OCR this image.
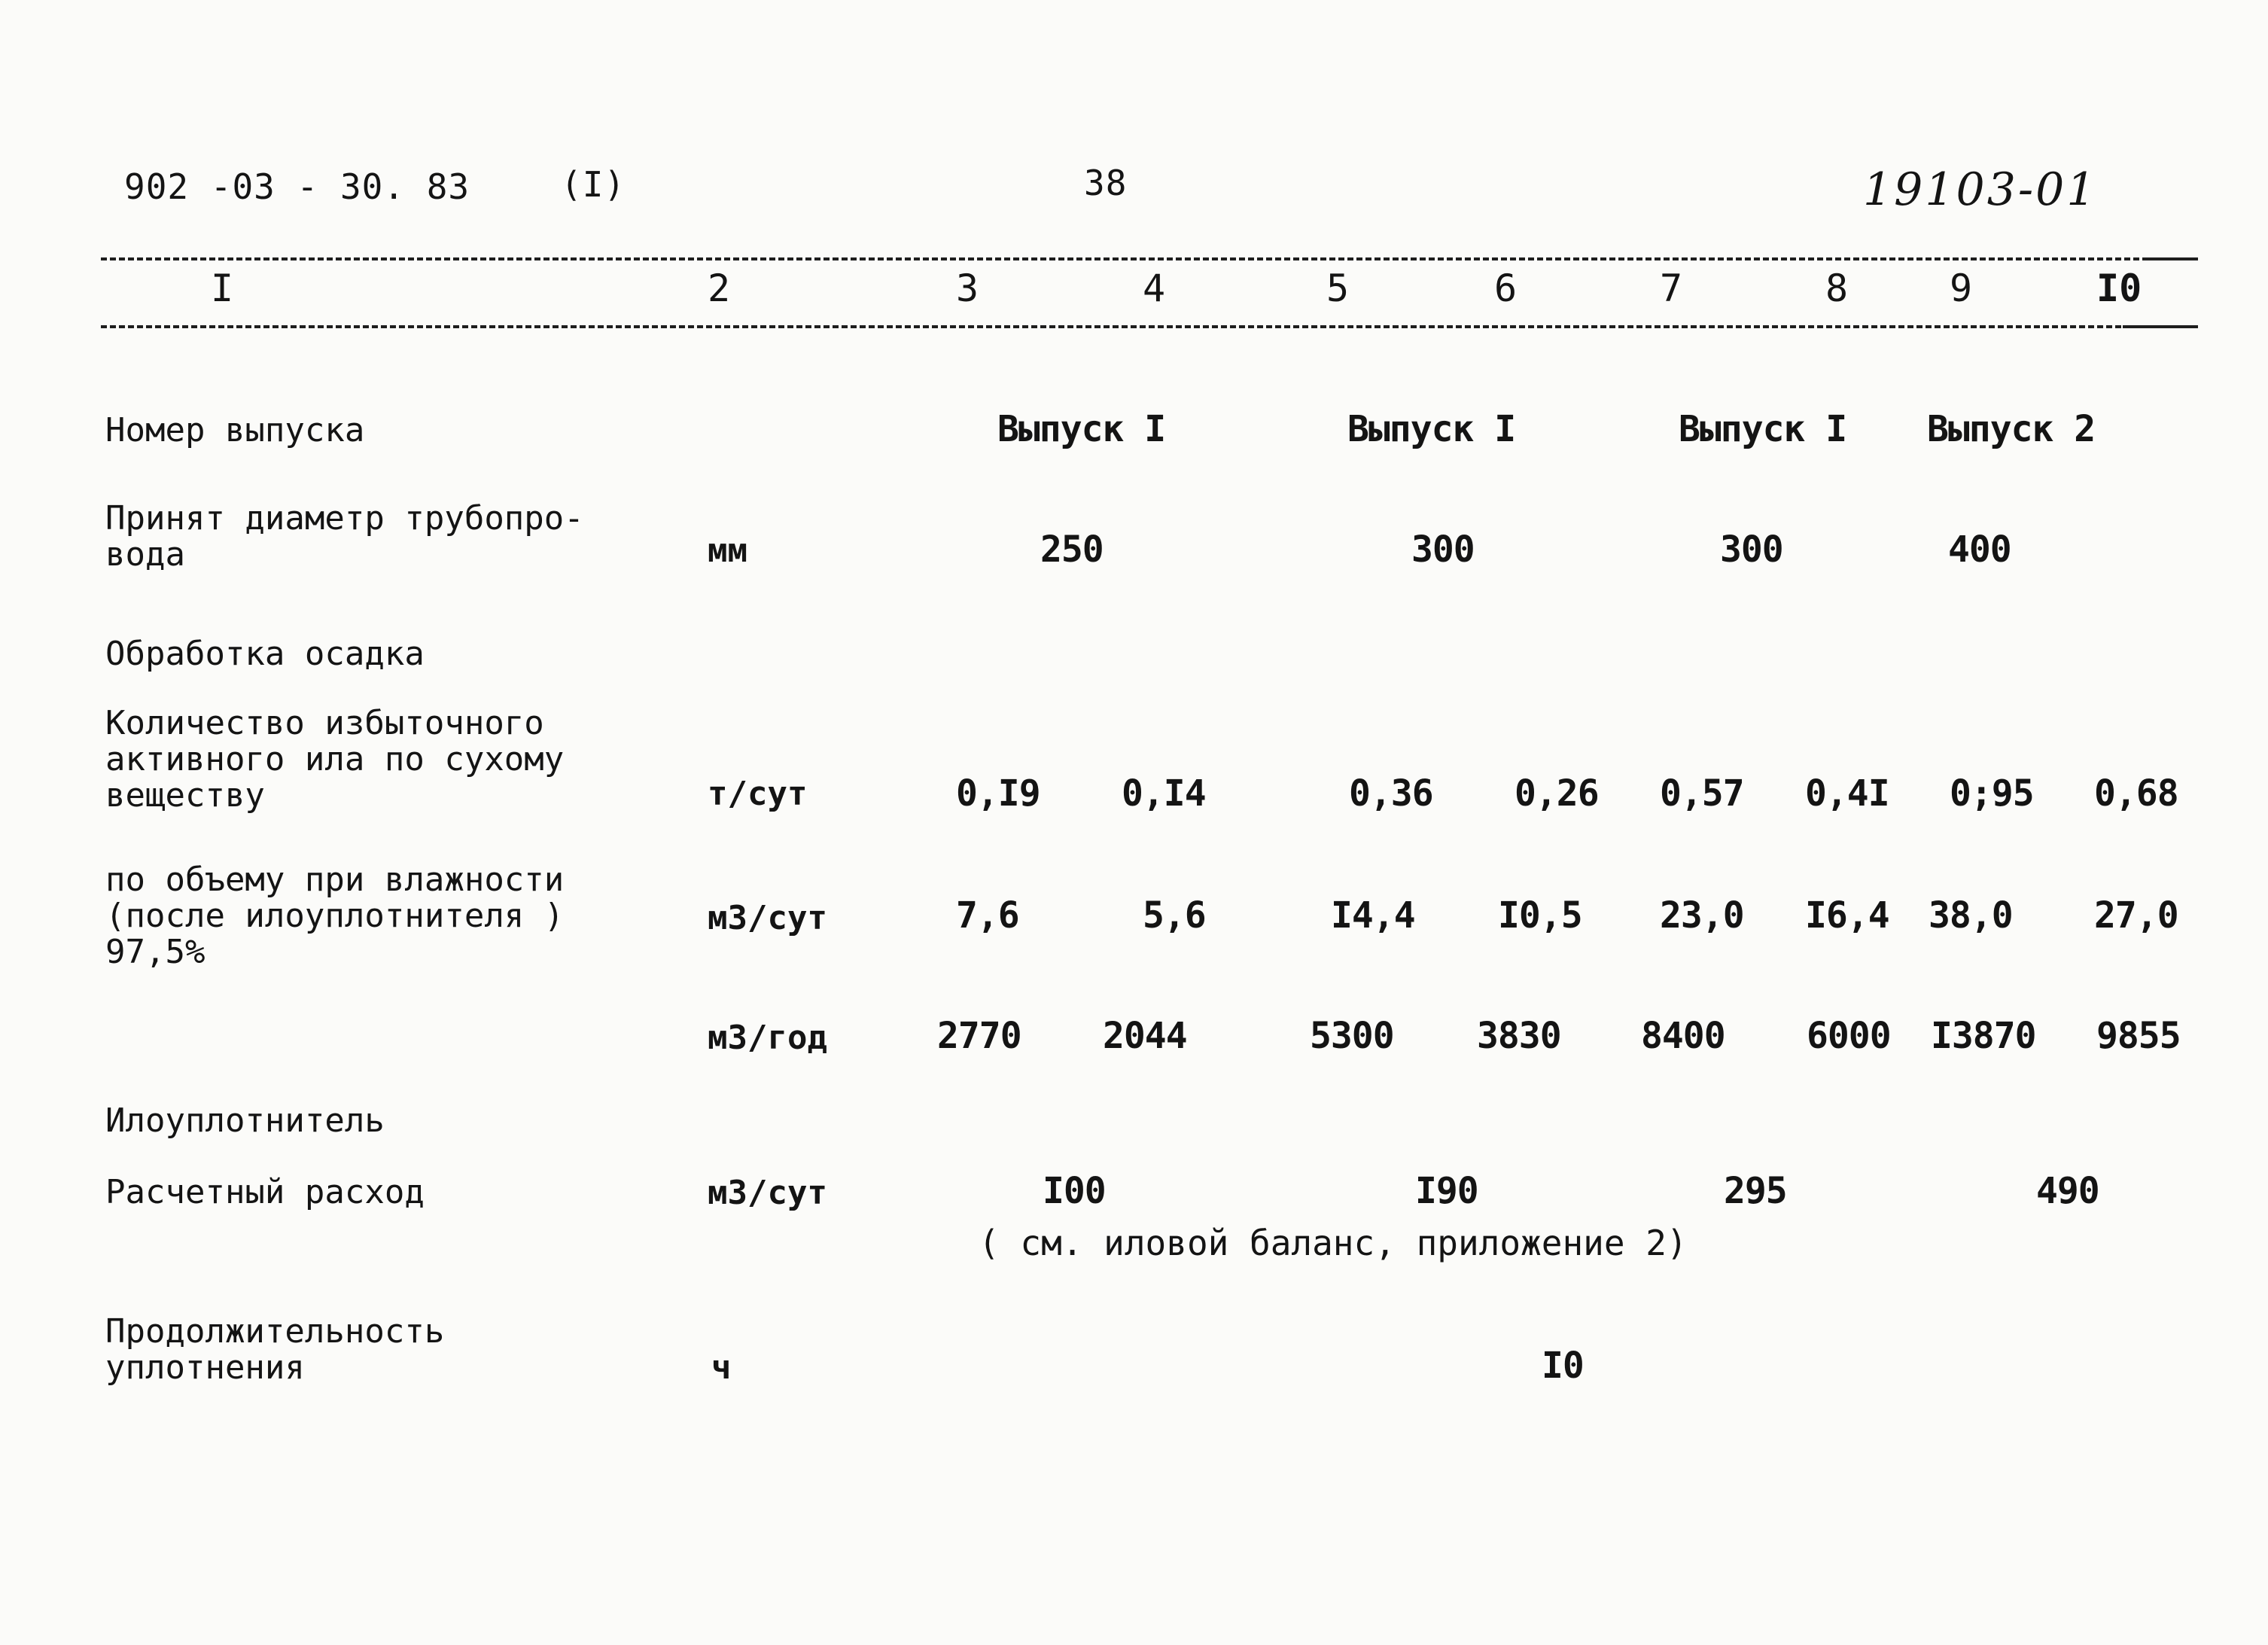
902 -03 - 30. 83	(I)	38	19103-01
I	2	3	4	5	6	7	8	9	I0
Номер выпуска	Выпуск I	Выпуск I	Выпуск I Выпуск 2
Принят диаметр трубопро-
вода	мм	250	300	300	400
Обработка осадка
Количество избыточного
активного ила по сухому
веществу	т/сут	0,I9 0,I4	0,36 0,26 0,57 0,4I 0;95 0,68
по объему при влажности
(после илоуплотнителя )
97,5%
м3/сут	7,6	5,6	I4,4 I0,5 23,0 I6,4 38,0 27,0
м3/год	2770 2044	5300 3830 8400 6000 I3870 9855
Илоуплотнитель
Расчетный расход	м3/сут	I00	I90	295	490
( см. иловой баланс, приложение 2)
Продолжительность
уплотнения	ч	I0
